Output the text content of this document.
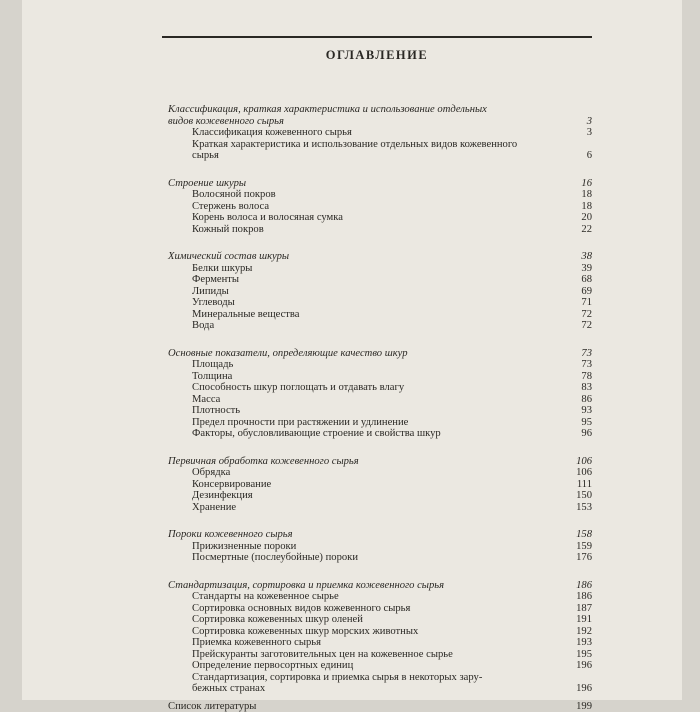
ОГЛАВЛЕНИЕ
Классификация, краткая характеристика и использование отдельных
видов кожевенного сырья	3
Классификация кожевенного сырья	3
Краткая характеристика и использование отдельных видов кожевенного
сырья	6
Строение шкуры	16
Волосяной покров	18
Стержень волоса	18
Корень волоса и волосяная сумка	20
Кожный покров	22
Химический состав шкуры	38
Белки шкуры	39
Ферменты	68
Липиды	69
Углеводы	71
Минеральные вещества	72
Вода	72
Основные показатели, определяющие качество шкур	73
Площадь	73
Толщина	78
Способность шкур поглощать и отдавать влагу	83
Масса	86
Плотность	93
Предел прочности при растяжении и удлинение	95
Факторы, обусловливающие строение и свойства шкур	96
Первичная обработка кожевенного сырья	106
Обрядка	106
Консервирование	111
Дезинфекция	150
Хранение	153
Пороки кожевенного сырья	158
Прижизненные пороки	159
Посмертные (послеубойные) пороки	176
Стандартизация, сортировка и приемка кожевенного сырья	186
Стандарты на кожевенное сырье	186
Сортировка основных видов кожевенного сырья	187
Сортировка кожевенных шкур оленей	191
Сортировка кожевенных шкур морских животных	192
Приемка кожевенного сырья	193
Прейскуранты заготовительных цен на кожевенное сырье	195
Определение первосортных единиц	196
Стандартизация, сортировка и приемка сырья в некоторых зару-
бежных странах	196
Список литературы	199
